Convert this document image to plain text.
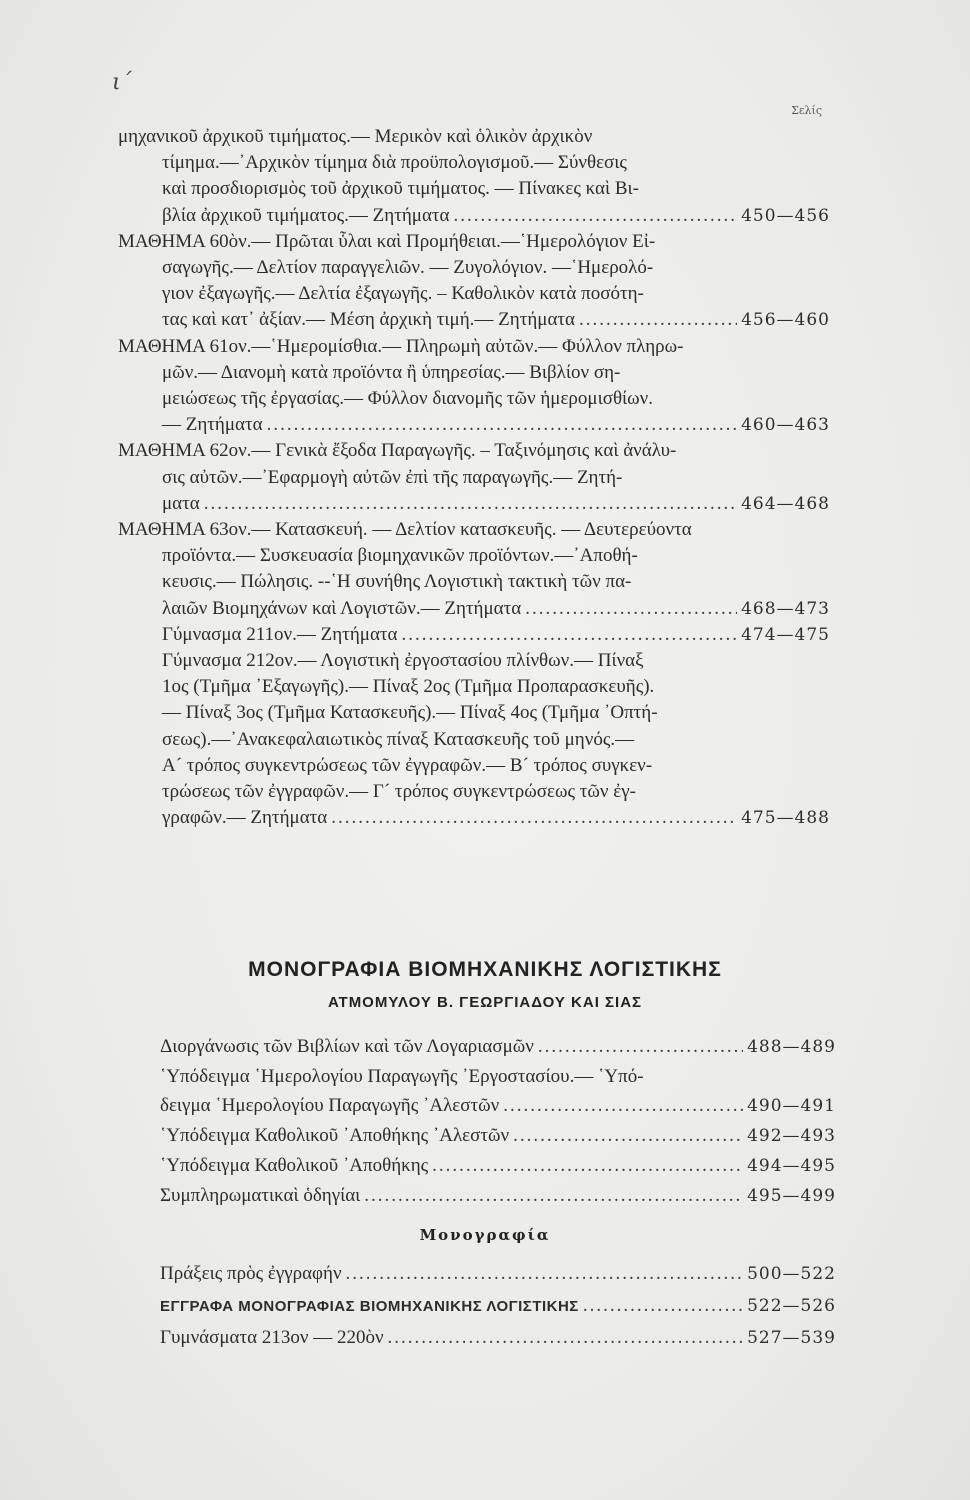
ι´
Σελίς
μηχανικοῦ ἀρχικοῦ τιμήματος.— Μερικὸν καὶ ὁλικὸν ἀρχικὸν
τίμημα.—᾿Αρχικὸν τίμημα διὰ προϋπολογισμοῦ.— Σύνθεσις
καὶ προσδιορισμὸς τοῦ ἀρχικοῦ τιμήματος. — Πίνακες καὶ Βι-
βλία ἀρχικοῦ τιμήματος.— Ζητήματα .....	450—456
ΜΑΘΗΜΑ 60ὸν.— Πρῶται ὗλαι καὶ Προμήθειαι.—῾Ημερολόγιον Εἰ-
σαγωγῆς.— Δελτίον παραγγελιῶν. — Ζυγολόγιον. —῾Ημερολό-
γιον ἐξαγωγῆς.— Δελτία ἐξαγωγῆς. – Καθολικὸν κατὰ ποσότη-
τας καὶ κατ᾿ ἀξίαν.— Μέση ἀρχικὴ τιμή.— Ζητήματα .....	456—460
ΜΑΘΗΜΑ 61ον.—῾Ημερομίσθια.— Πληρωμὴ αὐτῶν.— Φύλλον πληρω-
μῶν.— Διανομὴ κατὰ προϊόντα ἢ ὑπηρεσίας.— Βιβλίον ση-
μειώσεως τῆς ἐργασίας.— Φύλλον διανομῆς τῶν ἡμερομισθίων.
— Ζητήματα .....	460—463
ΜΑΘΗΜΑ 62ον.— Γενικὰ ἔξοδα Παραγωγῆς. – Ταξινόμησις καὶ ἀνάλυ-
σις αὐτῶν.—᾿Εφαρμογὴ αὐτῶν ἐπὶ τῆς παραγωγῆς.— Ζητή-
ματα .....	464—468
ΜΑΘΗΜΑ 63ον.— Κατασκευή. — Δελτίον κατασκευῆς. — Δευτερεύοντα
προϊόντα.— Συσκευασία βιομηχανικῶν προϊόντων.—᾿Αποθή-
κευσις.— Πώλησις. --῾Η συνήθης Λογιστικὴ τακτικὴ τῶν πα-
λαιῶν Βιομηχάνων καὶ Λογιστῶν.— Ζητήματα .....	468—473
Γύμνασμα 211ον.— Ζητήματα .....	474—475
Γύμνασμα 212ον.— Λογιστικὴ ἐργοστασίου πλίνθων.— Πίναξ
1ος (Τμῆμα ᾿Εξαγωγῆς).— Πίναξ 2ος (Τμῆμα Προπαρασκευῆς).
— Πίναξ 3ος (Τμῆμα Κατασκευῆς).— Πίναξ 4ος (Τμῆμα ᾿Οπτή-
σεως).—᾿Ανακεφαλαιωτικὸς πίναξ Κατασκευῆς τοῦ μηνός.—
Α´ τρόπος συγκεντρώσεως τῶν ἐγγραφῶν.— Β´ τρόπος συγκεν-
τρώσεως τῶν ἐγγραφῶν.— Γ´ τρόπος συγκεντρώσεως τῶν ἐγ-
γραφῶν.— Ζητήματα .....	475—488
ΜΟΝΟΓΡΑΦΙΑ ΒΙΟΜΗΧΑΝΙΚΗΣ ΛΟΓΙΣΤΙΚΗΣ
ΑΤΜΟΜΥΛΟΥ Β. ΓΕΩΡΓΙΑΔΟΥ ΚΑΙ ΣΙΑΣ
Διοργάνωσις τῶν Βιβλίων καὶ τῶν Λογαριασμῶν .....	488—489
῾Υπόδειγμα ῾Ημερολογίου Παραγωγῆς ᾿Εργοστασίου.— ῾Υπό-
δειγμα ῾Ημερολογίου Παραγωγῆς ᾿Αλεστῶν .....	490—491
῾Υπόδειγμα Καθολικοῦ ᾿Αποθήκης ᾿Αλεστῶν .....	492—493
῾Υπόδειγμα Καθολικοῦ ᾿Αποθήκης .....	494—495
Συμπληρωματικαὶ ὁδηγίαι .....	495—499
Μονογραφία
Πράξεις πρὸς ἐγγραφήν .....	500—522
ΕΓΓΡΑΦΑ ΜΟΝΟΓΡΑΦΙΑΣ ΒΙΟΜΗΧΑΝΙΚΗΣ ΛΟΓΙΣΤΙΚΗΣ .....	522—526
Γυμνάσματα 213ον — 220ὸν .....	527—539
